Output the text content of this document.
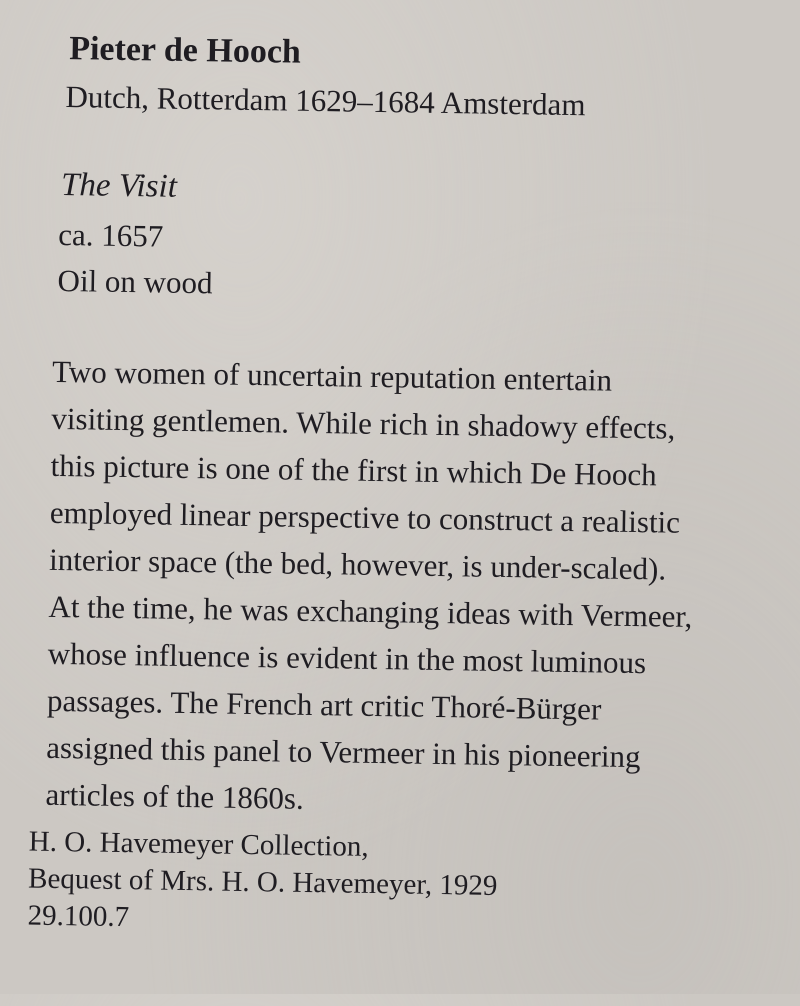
Pieter de Hooch
Dutch, Rotterdam 1629–1684 Amsterdam
The Visit
ca. 1657
Oil on wood
Two women of uncertain reputation entertain
visiting gentlemen. While rich in shadowy effects,
this picture is one of the first in which De Hooch
employed linear perspective to construct a realistic
interior space (the bed, however, is under-scaled).
At the time, he was exchanging ideas with Vermeer,
whose influence is evident in the most luminous
passages. The French art critic Thoré-Bürger
assigned this panel to Vermeer in his pioneering
articles of the 1860s.
H. O. Havemeyer Collection,
Bequest of Mrs. H. O. Havemeyer, 1929
29.100.7
